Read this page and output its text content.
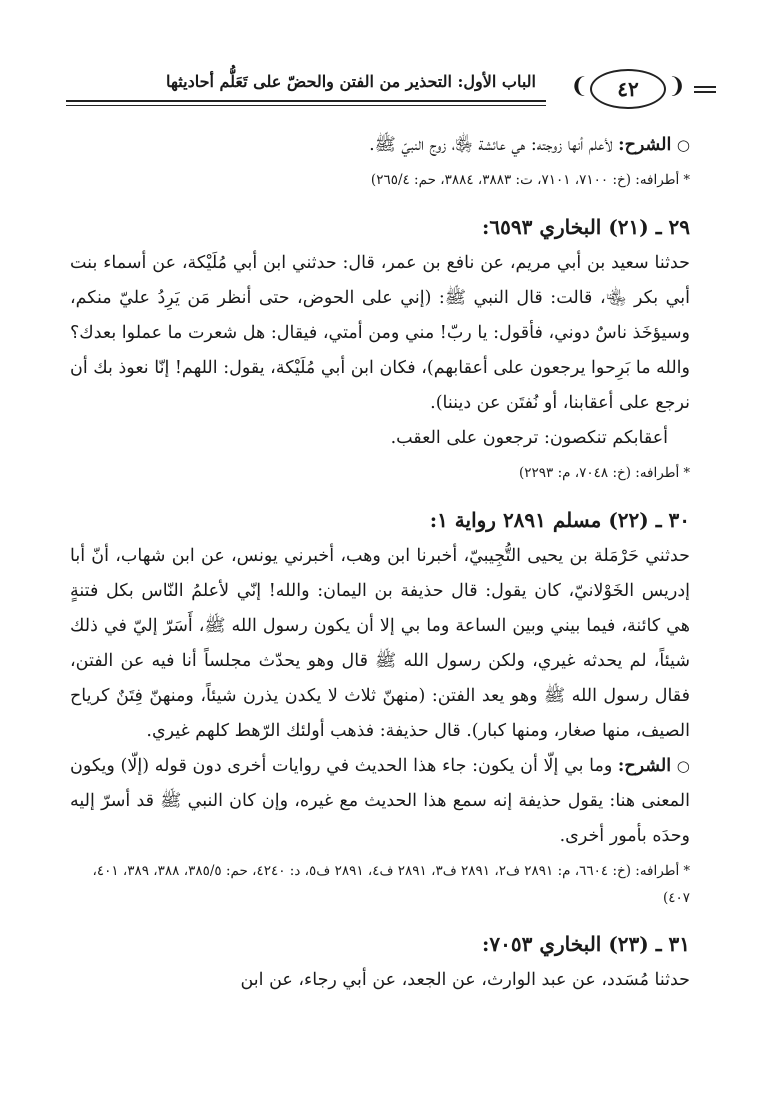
الباب الأول: التحذير من الفتن والحضّ على تَعَلُّم أحاديثها ❨	٤٢	❩

○ الشرح: لأعلم أنها زوجته: هي عائشة ﵂، زوج النبيّ ﷺ.

* أطرافه: (خ: ٧١٠٠، ٧١٠١، ت: ٣٨٨٣، ٣٨٨٤، حم: ٢٦٥/٤)

٢٩ ـ (٢١) البخاري ٦٥٩٣:

حدثنا سعيد بن أبي مريم، عن نافع بن عمر، قال: حدثني ابن أبي مُلَيْكة، عن أسماء بنت أبي بكر ﵄، قالت: قال النبي ﷺ: (إني على الحوض، حتى أنظر مَن يَرِدُ عليّ منكم، وسيؤخَذ ناسٌ دوني، فأقول: يا ربّ! مني ومن أمتي، فيقال: هل شعرت ما عملوا بعدك؟ والله ما بَرِحوا يرجعون على أعقابهم)، فكان ابن أبي مُلَيْكة، يقول: اللهم! إنّا نعوذ بك أن نرجع على أعقابنا، أو نُفتَن عن ديننا).

أعقابكم تنكصون: ترجعون على العقب.

* أطرافه: (خ: ٧٠٤٨، م: ٢٢٩٣)

٣٠ ـ (٢٢) مسلم ٢٨٩١ رواية ١:

حدثني حَرْمَلة بن يحيى التُّجِيبيّ، أخبرنا ابن وهب، أخبرني يونس، عن ابن شهاب، أنّ أبا إدريس الخَوْلانيّ، كان يقول: قال حذيفة بن اليمان: والله! إنّي لأعلمُ النّاس بكل فتنةٍ هي كائنة، فيما بيني وبين الساعة وما بي إلا أن يكون رسول الله ﷺ، أَسَرّ إليّ في ذلك شيئاً، لم يحدثه غيري، ولكن رسول الله ﷺ قال وهو يحدّث مجلساً أنا فيه عن الفتن، فقال رسول الله ﷺ وهو يعد الفتن: (منهنّ ثلاث لا يكدن يذرن شيئاً، ومنهنّ فِتَنٌ كرياح الصيف، منها صغار، ومنها كبار). قال حذيفة: فذهب أولئك الرّهط كلهم غيري.

○ الشرح: وما بي إلّا أن يكون: جاء هذا الحديث في روايات أخرى دون قوله (إلّا) ويكون المعنى هنا: يقول حذيفة إنه سمع هذا الحديث مع غيره، وإن كان النبي ﷺ قد أسرّ إليه وحدَه بأمور أخرى.

* أطرافه: (خ: ٦٦٠٤، م: ٢٨٩١ ف٢، ٢٨٩١ ف٣، ٢٨٩١ ف٤، ٢٨٩١ ف٥، د: ٤٢٤٠، حم: ٣٨٥/٥، ٣٨٨، ٣٨٩، ٤٠١، ٤٠٧)

٣١ ـ (٢٣) البخاري ٧٠٥٣:

حدثنا مُسَدد، عن عبد الوارث، عن الجعد، عن أبي رجاء، عن ابن
